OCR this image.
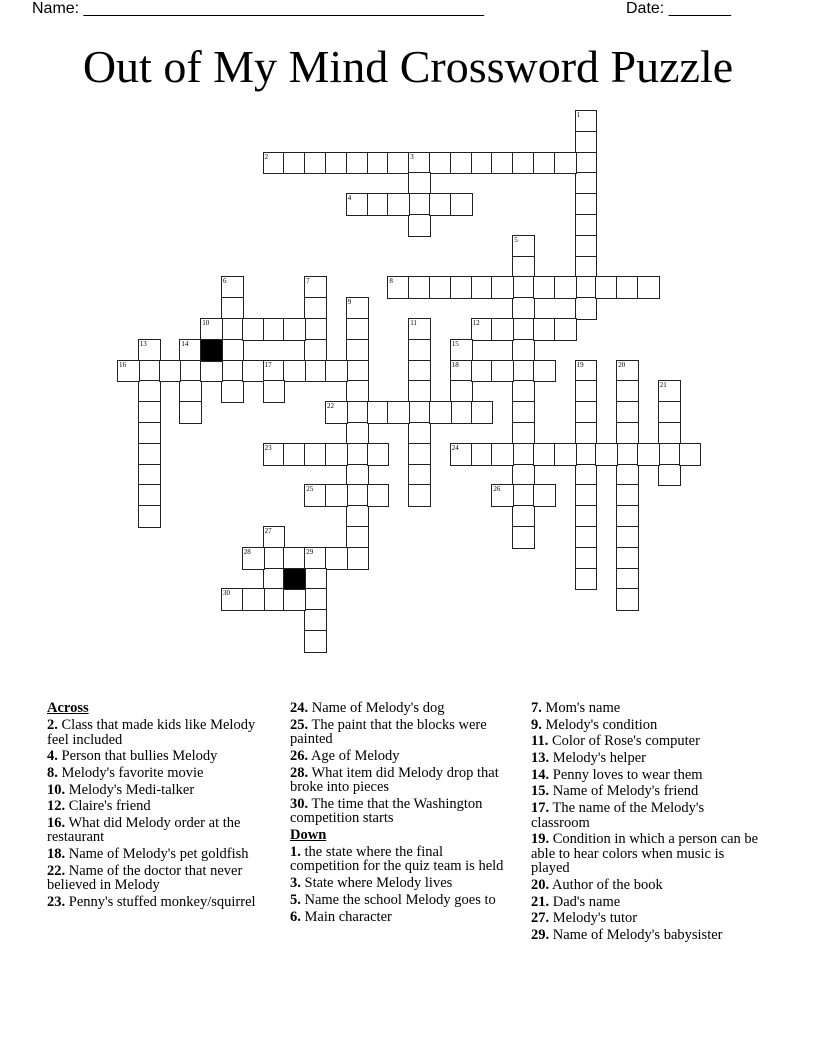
Name: _____________________________________________	Date: _______
Out of My Mind Crossword Puzzle
1
2	3
4
5
6	7	8
9
10	11	12
13	14	15
18
16	17	19	20
21
22
23	24
25	26
27
28	29
30
Across
2. Class that made kids like Melody feel included
4. Person that bullies Melody
8. Melody's favorite movie
10. Melody's Medi-talker
12. Claire's friend
16. What did Melody order at the restaurant
18. Name of Melody's pet goldfish
22. Name of the doctor that never believed in Melody
23. Penny's stuffed monkey/squirrel
24. Name of Melody's dog
25. The paint that the blocks were painted
26. Age of Melody
28. What item did Melody drop that broke into pieces
30. The time that the Washington competition starts
Down
1. the state where the final competition for the quiz team is held
3. State where Melody lives
5. Name the school Melody goes to
6. Main character
7. Mom's name
9. Melody's condition
11. Color of Rose's computer
13. Melody's helper
14. Penny loves to wear them
15. Name of Melody's friend
17. The name of the Melody's classroom
19. Condition in which a person can be able to hear colors when music is played
20. Author of the book
21. Dad's name
27. Melody's tutor
29. Name of Melody's babysister
